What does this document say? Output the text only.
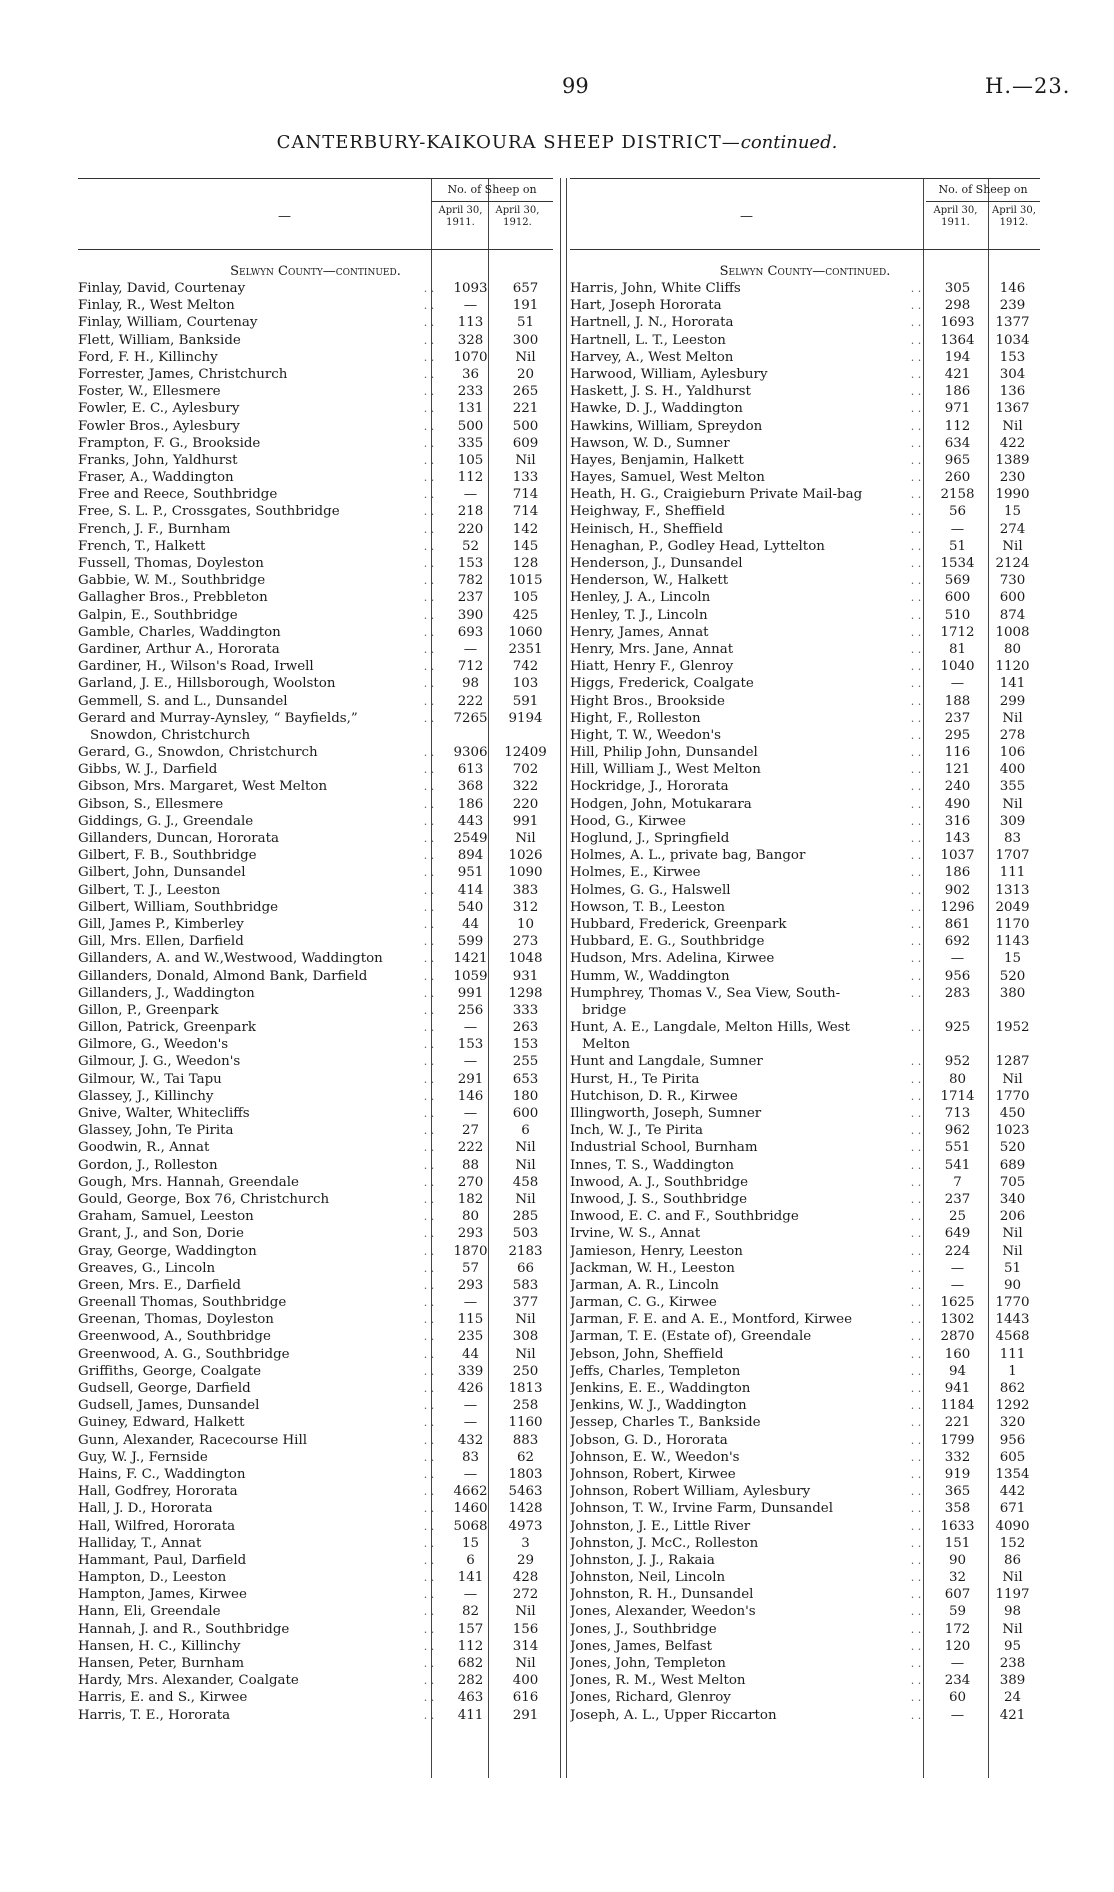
99	H.—23.
CANTERBURY-KAIKOURA SHEEP DISTRICT—continued.
—
No. of Sheep on
April 30, 1911.
April 30, 1912.
Selwyn County—continued.
Finlay, David, Courtenay	. .	1093	657
Finlay, R., West Melton	. .	—	191
Finlay, William, Courtenay	. .	113	51
Flett, William, Bankside	. .	328	300
Ford, F. H., Killinchy	. .	1070	Nil
Forrester, James, Christchurch	. .	36	20
Foster, W., Ellesmere	. .	233	265
Fowler, E. C., Aylesbury	. .	131	221
Fowler Bros., Aylesbury	. .	500	500
Frampton, F. G., Brookside	. .	335	609
Franks, John, Yaldhurst	. .	105	Nil
Fraser, A., Waddington	. .	112	133
Free and Reece, Southbridge	. .	—	714
Free, S. L. P., Crossgates, Southbridge	. .	218	714
French, J. F., Burnham	. .	220	142
French, T., Halkett	. .	52	145
Fussell, Thomas, Doyleston	. .	153	128
Gabbie, W. M., Southbridge	. .	782	1015
Gallagher Bros., Prebbleton	. .	237	105
Galpin, E., Southbridge	. .	390	425
Gamble, Charles, Waddington	. .	693	1060
Gardiner, Arthur A., Hororata	. .	—	2351
Gardiner, H., Wilson's Road, Irwell	. .	712	742
Garland, J. E., Hillsborough, Woolston	. .	98	103
Gemmell, S. and L., Dunsandel	. .	222	591
Gerard and Murray-Aynsley, “ Bayfields,”	. .	7265	9194
Snowdon, Christchurch
Gerard, G., Snowdon, Christchurch	. .	9306	12409
Gibbs, W. J., Darfield	. .	613	702
Gibson, Mrs. Margaret, West Melton	. .	368	322
Gibson, S., Ellesmere	. .	186	220
Giddings, G. J., Greendale	. .	443	991
Gillanders, Duncan, Hororata	. .	2549	Nil
Gilbert, F. B., Southbridge	. .	894	1026
Gilbert, John, Dunsandel	. .	951	1090
Gilbert, T. J., Leeston	. .	414	383
Gilbert, William, Southbridge	. .	540	312
Gill, James P., Kimberley	. .	44	10
Gill, Mrs. Ellen, Darfield	. .	599	273
Gillanders, A. and W.,Westwood, Waddington	. .	1421	1048
Gillanders, Donald, Almond Bank, Darfield	. .	1059	931
Gillanders, J., Waddington	. .	991	1298
Gillon, P., Greenpark	. .	256	333
Gillon, Patrick, Greenpark	. .	—	263
Gilmore, G., Weedon's	. .	153	153
Gilmour, J. G., Weedon's	. .	—	255
Gilmour, W., Tai Tapu	. .	291	653
Glassey, J., Killinchy	. .	146	180
Gnive, Walter, Whitecliffs	. .	—	600
Glassey, John, Te Pirita	. .	27	6
Goodwin, R., Annat	. .	222	Nil
Gordon, J., Rolleston	. .	88	Nil
Gough, Mrs. Hannah, Greendale	. .	270	458
Gould, George, Box 76, Christchurch	. .	182	Nil
Graham, Samuel, Leeston	. .	80	285
Grant, J., and Son, Dorie	. .	293	503
Gray, George, Waddington	. .	1870	2183
Greaves, G., Lincoln	. .	57	66
Green, Mrs. E., Darfield	. .	293	583
Greenall Thomas, Southbridge	. .	—	377
Greenan, Thomas, Doyleston	. .	115	Nil
Greenwood, A., Southbridge	. .	235	308
Greenwood, A. G., Southbridge	. .	44	Nil
Griffiths, George, Coalgate	. .	339	250
Gudsell, George, Darfield	. .	426	1813
Gudsell, James, Dunsandel	. .	—	258
Guiney, Edward, Halkett	. .	—	1160
Gunn, Alexander, Racecourse Hill	. .	432	883
Guy, W. J., Fernside	. .	83	62
Hains, F. C., Waddington	. .	—	1803
Hall, Godfrey, Hororata	. .	4662	5463
Hall, J. D., Hororata	. .	1460	1428
Hall, Wilfred, Hororata	. .	5068	4973
Halliday, T., Annat	. .	15	3
Hammant, Paul, Darfield	. .	6	29
Hampton, D., Leeston	. .	141	428
Hampton, James, Kirwee	. .	—	272
Hann, Eli, Greendale	. .	82	Nil
Hannah, J. and R., Southbridge	. .	157	156
Hansen, H. C., Killinchy	. .	112	314
Hansen, Peter, Burnham	. .	682	Nil
Hardy, Mrs. Alexander, Coalgate	. .	282	400
Harris, E. and S., Kirwee	. .	463	616
Harris, T. E., Hororata	. .	411	291
—
No. of Sheep on
April 30, 1911.
April 30, 1912.
Selwyn County—continued.
Harris, John, White Cliffs	. .	305	146
Hart, Joseph Hororata	. .	298	239
Hartnell, J. N., Hororata	. .	1693	1377
Hartnell, L. T., Leeston	. .	1364	1034
Harvey, A., West Melton	. .	194	153
Harwood, William, Aylesbury	. .	421	304
Haskett, J. S. H., Yaldhurst	. .	186	136
Hawke, D. J., Waddington	. .	971	1367
Hawkins, William, Spreydon	. .	112	Nil
Hawson, W. D., Sumner	. .	634	422
Hayes, Benjamin, Halkett	. .	965	1389
Hayes, Samuel, West Melton	. .	260	230
Heath, H. G., Craigieburn Private Mail-bag	. .	2158	1990
Heighway, F., Sheffield	. .	56	15
Heinisch, H., Sheffield	. .	—	274
Henaghan, P., Godley Head, Lyttelton	. .	51	Nil
Henderson, J., Dunsandel	. .	1534	2124
Henderson, W., Halkett	. .	569	730
Henley, J. A., Lincoln	. .	600	600
Henley, T. J., Lincoln	. .	510	874
Henry, James, Annat	. .	1712	1008
Henry, Mrs. Jane, Annat	. .	81	80
Hiatt, Henry F., Glenroy	. .	1040	1120
Higgs, Frederick, Coalgate	. .	—	141
Hight Bros., Brookside	. .	188	299
Hight, F., Rolleston	. .	237	Nil
Hight, T. W., Weedon's	. .	295	278
Hill, Philip John, Dunsandel	. .	116	106
Hill, William J., West Melton	. .	121	400
Hockridge, J., Hororata	. .	240	355
Hodgen, John, Motukarara	. .	490	Nil
Hood, G., Kirwee	. .	316	309
Hoglund, J., Springfield	. .	143	83
Holmes, A. L., private bag, Bangor	. .	1037	1707
Holmes, E., Kirwee	. .	186	111
Holmes, G. G., Halswell	. .	902	1313
Howson, T. B., Leeston	. .	1296	2049
Hubbard, Frederick, Greenpark	. .	861	1170
Hubbard, E. G., Southbridge	. .	692	1143
Hudson, Mrs. Adelina, Kirwee	. .	—	15
Humm, W., Waddington	. .	956	520
Humphrey, Thomas V., Sea View, South-	. .	283	380
bridge
Hunt, A. E., Langdale, Melton Hills, West	. .	925	1952
Melton
Hunt and Langdale, Sumner	. .	952	1287
Hurst, H., Te Pirita	. .	80	Nil
Hutchison, D. R., Kirwee	. .	1714	1770
Illingworth, Joseph, Sumner	. .	713	450
Inch, W. J., Te Pirita	. .	962	1023
Industrial School, Burnham	. .	551	520
Innes, T. S., Waddington	. .	541	689
Inwood, A. J., Southbridge	. .	7	705
Inwood, J. S., Southbridge	. .	237	340
Inwood, E. C. and F., Southbridge	. .	25	206
Irvine, W. S., Annat	. .	649	Nil
Jamieson, Henry, Leeston	. .	224	Nil
Jackman, W. H., Leeston	. .	—	51
Jarman, A. R., Lincoln	. .	—	90
Jarman, C. G., Kirwee	. .	1625	1770
Jarman, F. E. and A. E., Montford, Kirwee	. .	1302	1443
Jarman, T. E. (Estate of), Greendale	. .	2870	4568
Jebson, John, Sheffield	. .	160	111
Jeffs, Charles, Templeton	. .	94	1
Jenkins, E. E., Waddington	. .	941	862
Jenkins, W. J., Waddington	. .	1184	1292
Jessep, Charles T., Bankside	. .	221	320
Jobson, G. D., Hororata	. .	1799	956
Johnson, E. W., Weedon's	. .	332	605
Johnson, Robert, Kirwee	. .	919	1354
Johnson, Robert William, Aylesbury	. .	365	442
Johnson, T. W., Irvine Farm, Dunsandel	. .	358	671
Johnston, J. E., Little River	. .	1633	4090
Johnston, J. McC., Rolleston	. .	151	152
Johnston, J. J., Rakaia	. .	90	86
Johnston, Neil, Lincoln	. .	32	Nil
Johnston, R. H., Dunsandel	. .	607	1197
Jones, Alexander, Weedon's	. .	59	98
Jones, J., Southbridge	. .	172	Nil
Jones, James, Belfast	. .	120	95
Jones, John, Templeton	. .	—	238
Jones, R. M., West Melton	. .	234	389
Jones, Richard, Glenroy	. .	60	24
Joseph, A. L., Upper Riccarton	. .	—	421
